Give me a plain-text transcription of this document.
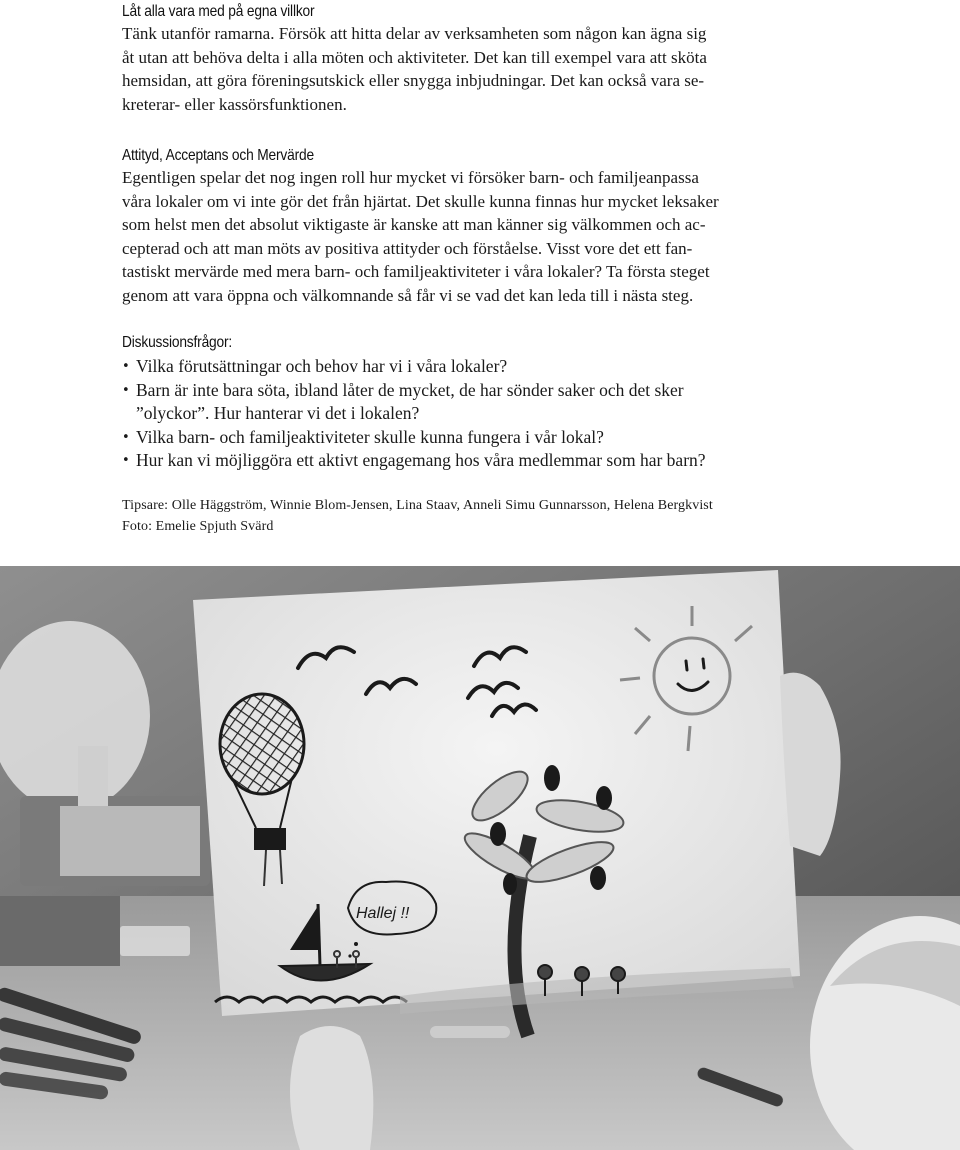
Låt alla vara med på egna villkor

Tänk utanför ramarna. Försök att hitta delar av verksamheten som någon kan ägna sig

åt utan att behöva delta i alla möten och aktiviteter. Det kan till exempel vara att sköta

hemsidan, att göra föreningsutskick eller snygga inbjudningar. Det kan också vara se-

kreterar- eller kassörsfunktionen.

Attityd, Acceptans och Mervärde

Egentligen spelar det nog ingen roll hur mycket vi försöker barn- och familjeanpassa

våra lokaler om vi inte gör det från hjärtat. Det skulle kunna finnas hur mycket leksaker

som helst men det absolut viktigaste är kanske att man känner sig välkommen och ac-

cepterad och att man möts av positiva attityder och förståelse. Visst vore det ett fan-

tastiskt mervärde med mera barn- och familjeaktiviteter i våra lokaler? Ta första steget

genom att vara öppna och välkomnande så får vi se vad det kan leda till i nästa steg.

Diskussionsfrågor:
• Vilka förutsättningar och behov har vi i våra lokaler?
• Barn är inte bara söta, ibland låter de mycket, de har sönder saker och det sker
”olyckor”. Hur hanterar vi det i lokalen?
• Vilka barn- och familjeaktiviteter skulle kunna fungera i vår lokal?
• Hur kan vi möjliggöra ett aktivt engagemang hos våra medlemmar som har barn?

Tipsare: Olle Häggström, Winnie Blom-Jensen, Lina Staav, Anneli Simu Gunnarsson, Helena Bergkvist

Foto: Emelie Spjuth Svärd

Hallej !!
